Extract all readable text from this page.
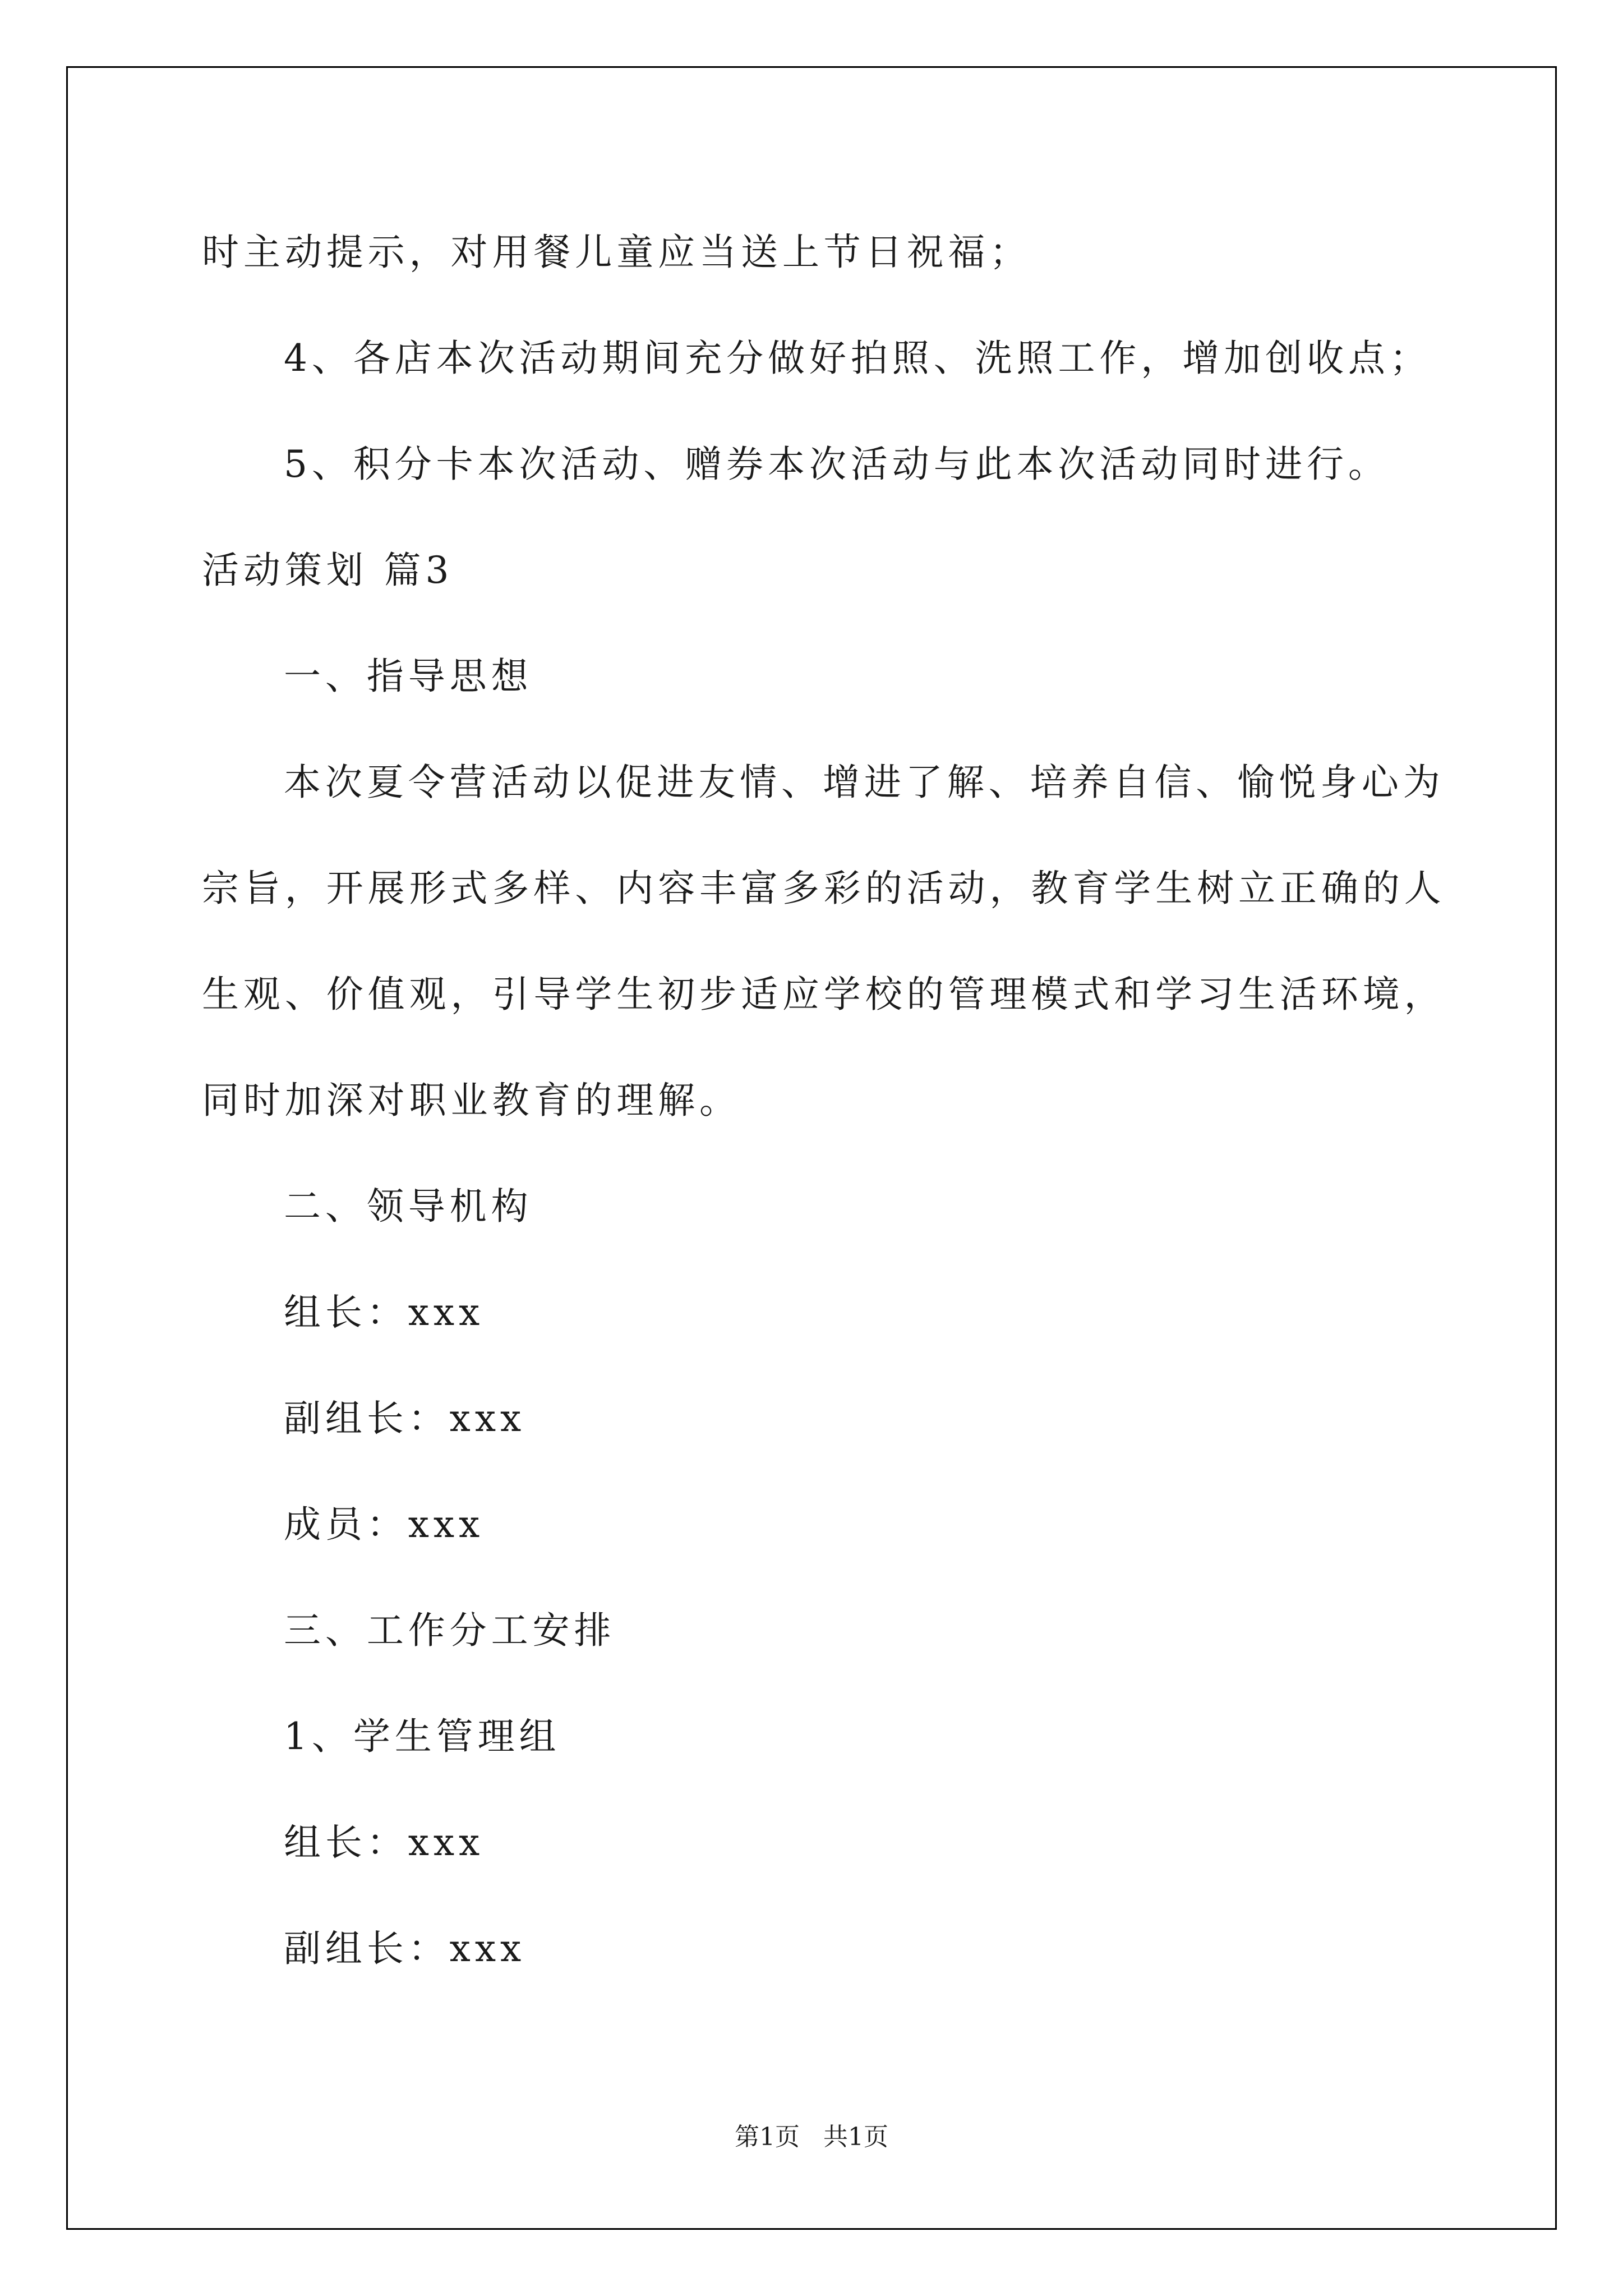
时主动提示，对用餐儿童应当送上节日祝福；
4、各店本次活动期间充分做好拍照、洗照工作，增加创收点；
5、积分卡本次活动、赠券本次活动与此本次活动同时进行。
活动策划 篇3
一、指导思想
本次夏令营活动以促进友情、增进了解、培养自信、愉悦身心为
宗旨，开展形式多样、内容丰富多彩的活动，教育学生树立正确的人
生观、价值观，引导学生初步适应学校的管理模式和学习生活环境，
同时加深对职业教育的理解。
二、领导机构
组长：xxx
副组长：xxx
成员：xxx
三、工作分工安排
1、学生管理组
组长：xxx
副组长：xxx
第1页 共1页
